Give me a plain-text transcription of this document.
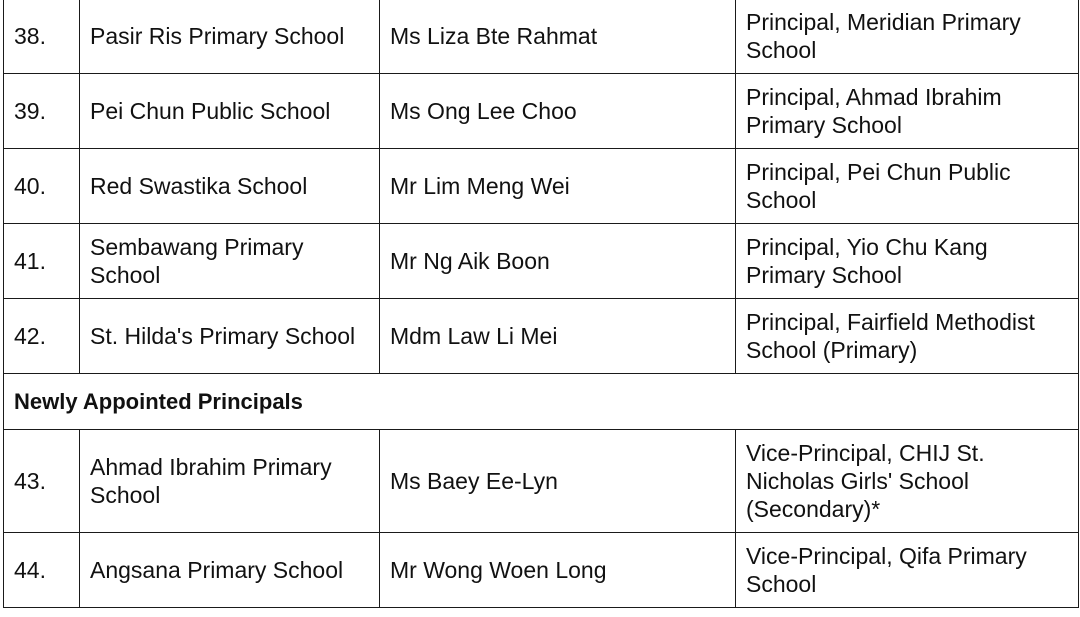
38.	Pasir Ris Primary School	Ms Liza Bte Rahmat	Principal, Meridian Primary School
39.	Pei Chun Public School	Ms Ong Lee Choo	Principal, Ahmad Ibrahim Primary School
40.	Red Swastika School	Mr Lim Meng Wei	Principal, Pei Chun Public School
41.	Sembawang Primary School	Mr Ng Aik Boon	Principal, Yio Chu Kang Primary School
42.	St. Hilda's Primary School	Mdm Law Li Mei	Principal, Fairfield Methodist School (Primary)
Newly Appointed Principals			
43.	Ahmad Ibrahim Primary School	Ms Baey Ee-Lyn	Vice-Principal, CHIJ St. Nicholas Girls' School (Secondary)*
44.	Angsana Primary School	Mr Wong Woen Long	Vice-Principal, Qifa Primary School
